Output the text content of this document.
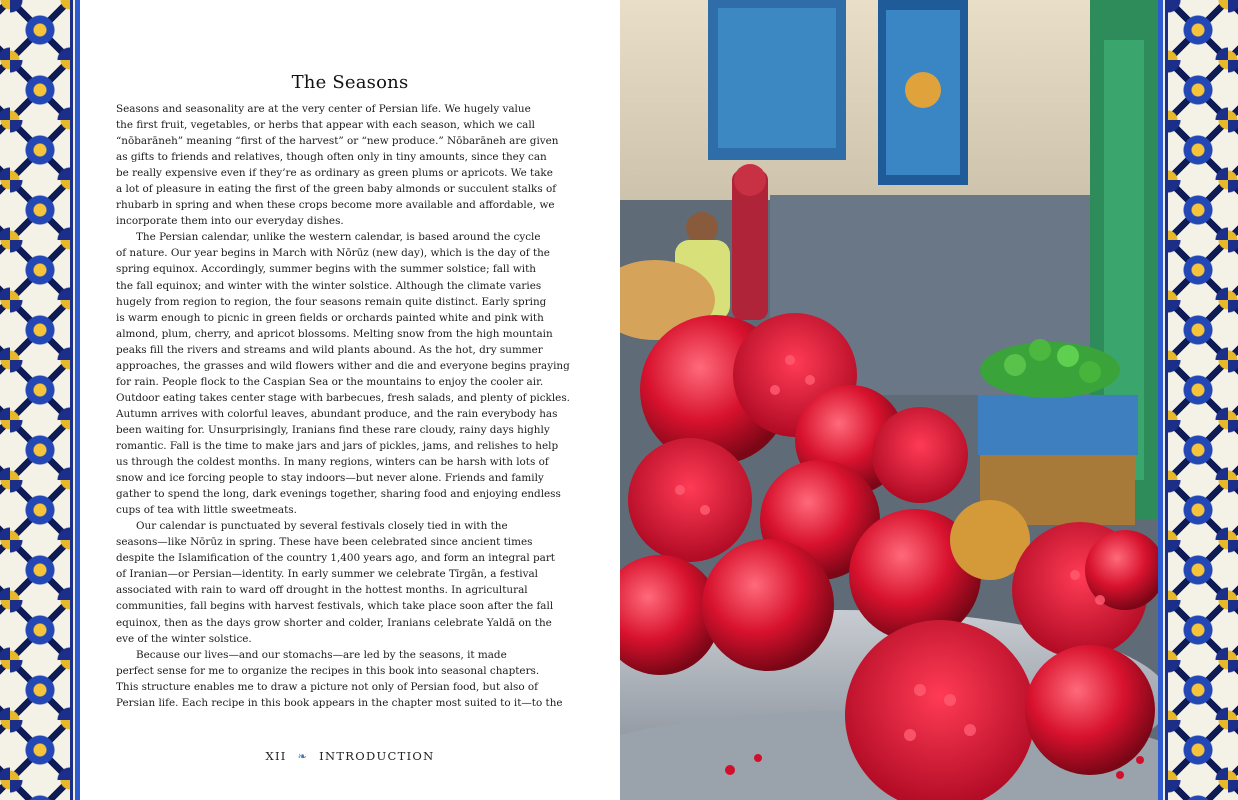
The Seasons
Seasons and seasonality are at the very center of Persian life. We hugely value
the first fruit, vegetables, or herbs that appear with each season, which we call
“nōbarāneh” meaning “first of the harvest” or “new produce.” Nōbarāneh are given
as gifts to friends and relatives, though often only in tiny amounts, since they can
be really expensive even if they’re as ordinary as green plums or apricots. We take
a lot of pleasure in eating the first of the green baby almonds or succulent stalks of
rhubarb in spring and when these crops become more available and affordable, we
incorporate them into our everyday dishes.
The Persian calendar, unlike the western calendar, is based around the cycle
of nature. Our year begins in March with Nōrūz (new day), which is the day of the
spring equinox. Accordingly, summer begins with the summer solstice; fall with
the fall equinox; and winter with the winter solstice. Although the climate varies
hugely from region to region, the four seasons remain quite distinct. Early spring
is warm enough to picnic in green fields or orchards painted white and pink with
almond, plum, cherry, and apricot blossoms. Melting snow from the high mountain
peaks fill the rivers and streams and wild plants abound. As the hot, dry summer
approaches, the grasses and wild flowers wither and die and everyone begins praying
for rain. People flock to the Caspian Sea or the mountains to enjoy the cooler air.
Outdoor eating takes center stage with barbecues, fresh salads, and plenty of pickles.
Autumn arrives with colorful leaves, abundant produce, and the rain everybody has
been waiting for. Unsurprisingly, Iranians find these rare cloudy, rainy days highly
romantic. Fall is the time to make jars and jars of pickles, jams, and relishes to help
us through the coldest months. In many regions, winters can be harsh with lots of
snow and ice forcing people to stay indoors—but never alone. Friends and family
gather to spend the long, dark evenings together, sharing food and enjoying endless
cups of tea with little sweetmeats.
Our calendar is punctuated by several festivals closely tied in with the
seasons—like Nōrūz in spring. These have been celebrated since ancient times
despite the Islamification of the country 1,400 years ago, and form an integral part
of Iranian—or Persian—identity. In early summer we celebrate Tīrgān, a festival
associated with rain to ward off drought in the hottest months. In agricultural
communities, fall begins with harvest festivals, which take place soon after the fall
equinox, then as the days grow shorter and colder, Iranians celebrate Yaldā on the
eve of the winter solstice.
Because our lives—and our stomachs—are led by the seasons, it made
perfect sense for me to organize the recipes in this book into seasonal chapters.
This structure enables me to draw a picture not only of Persian food, but also of
Persian life. Each recipe in this book appears in the chapter most suited to it—to the
XII ❧ INTRODUCTION
